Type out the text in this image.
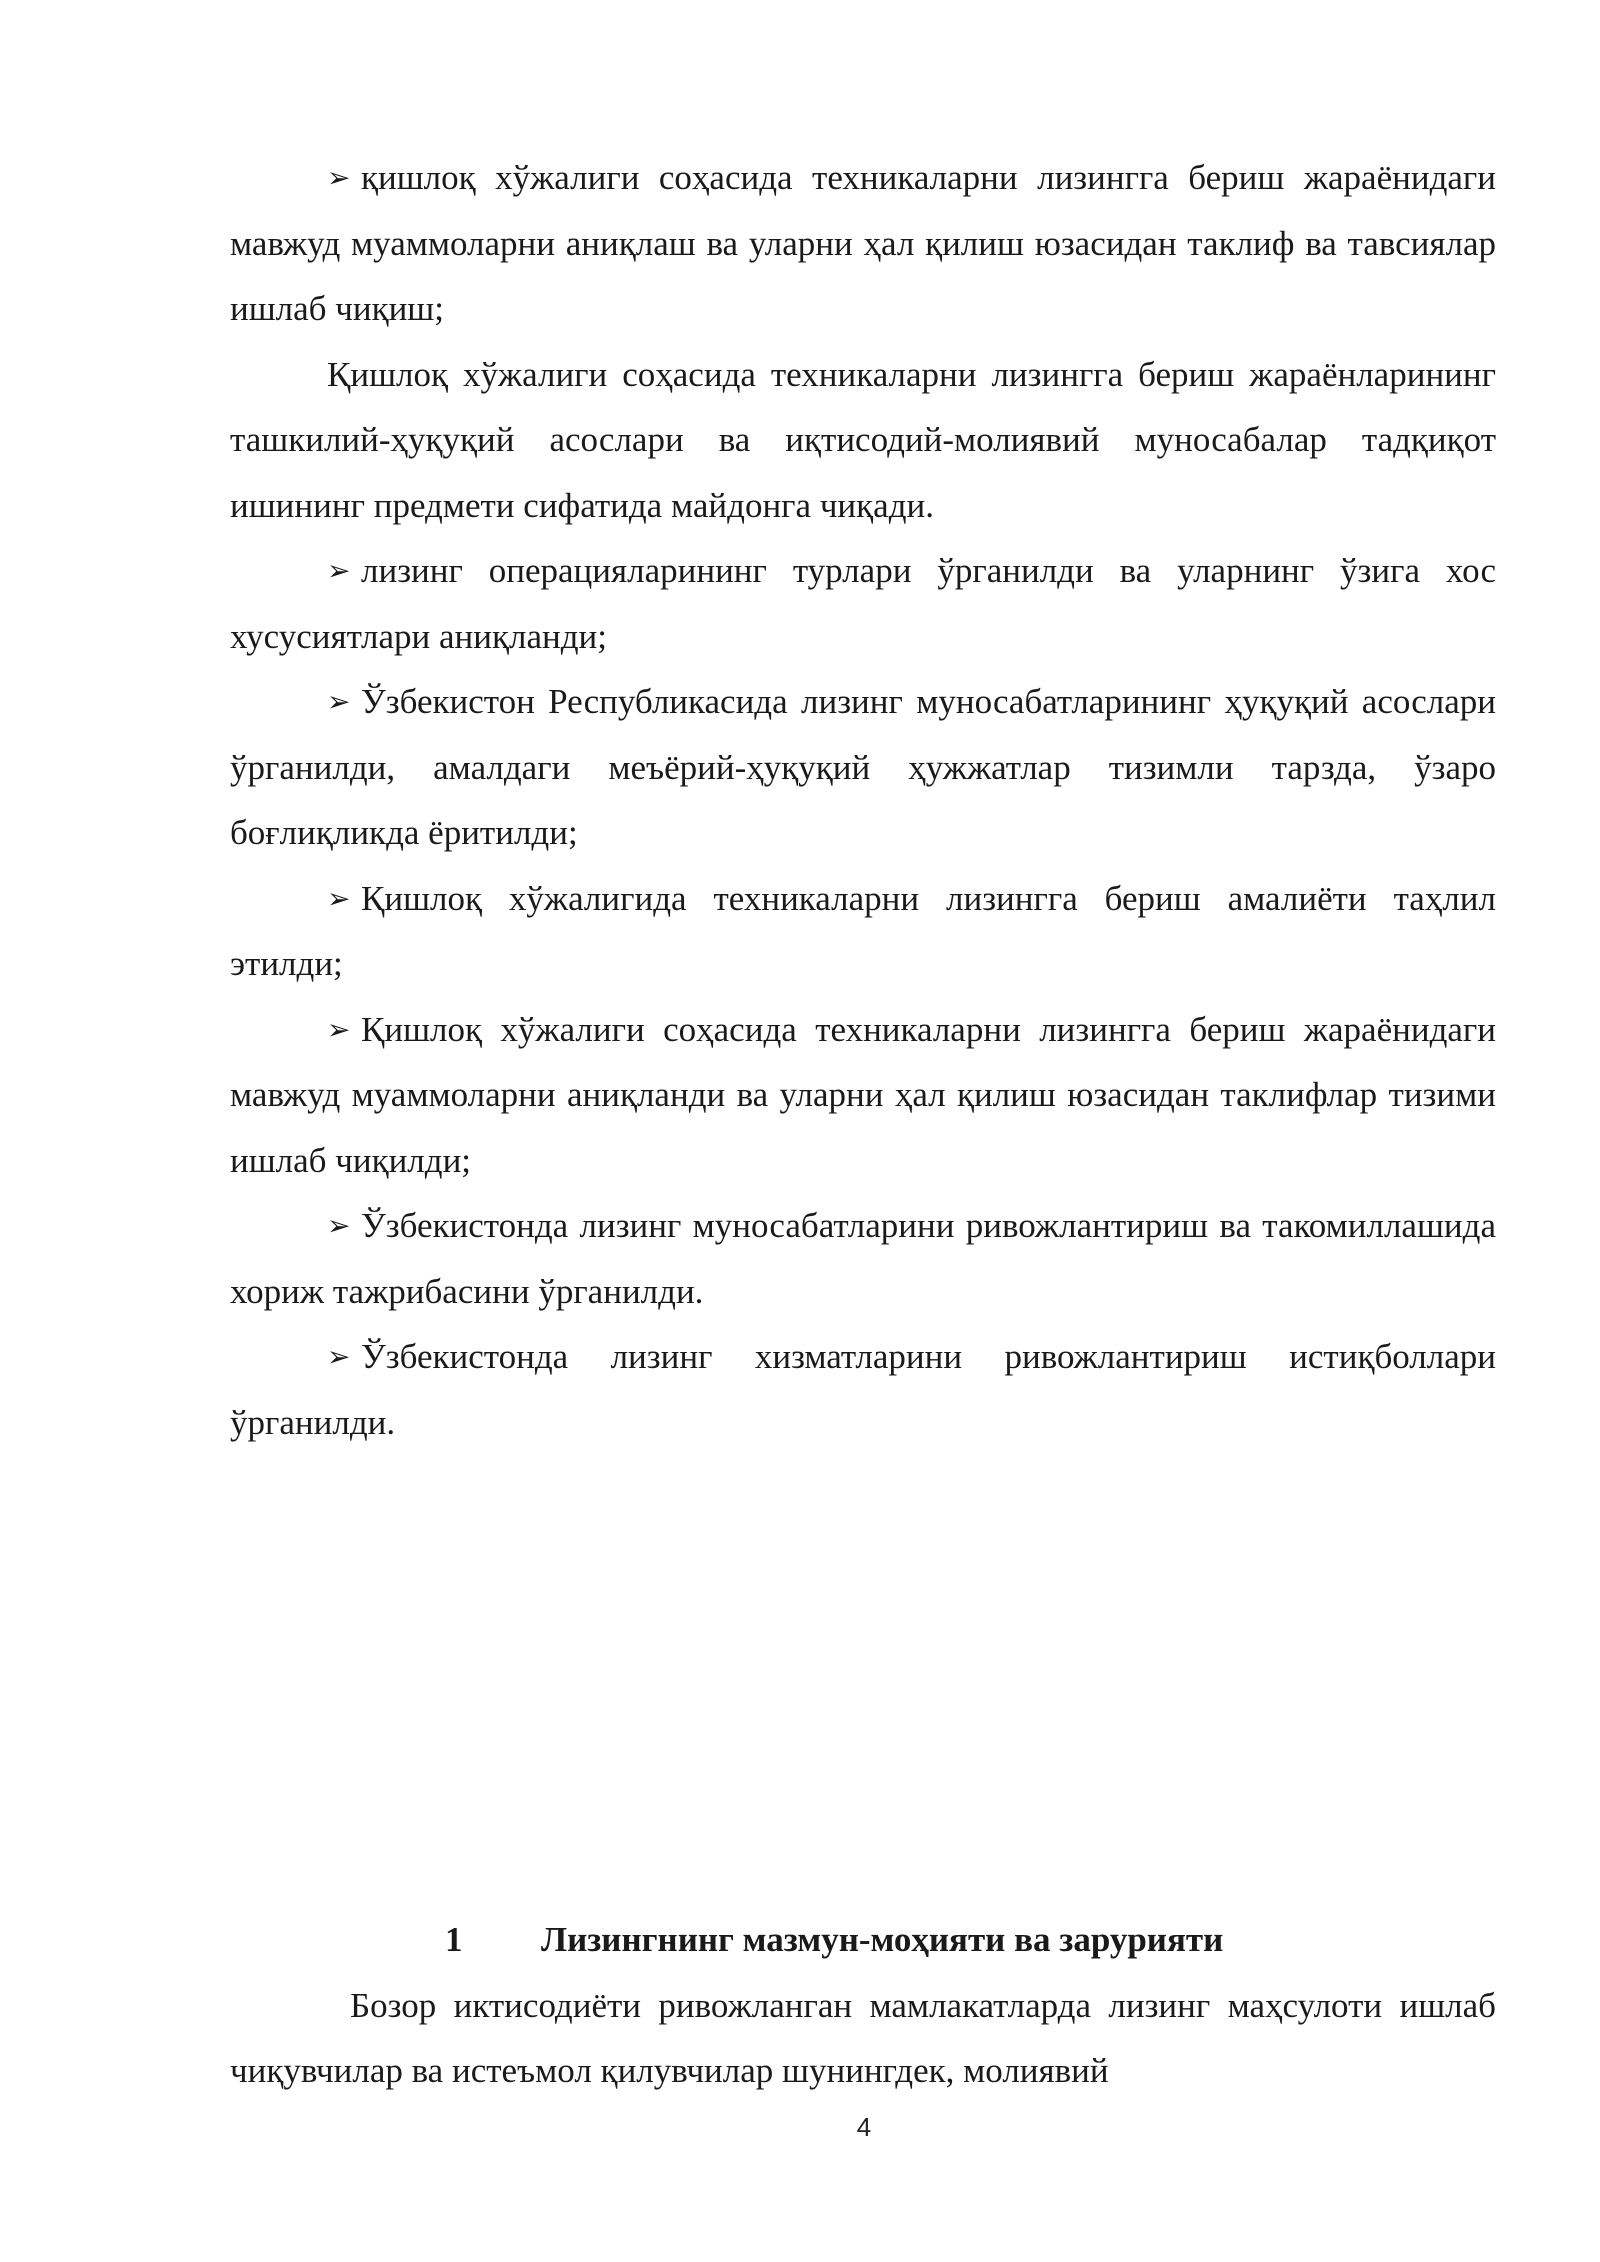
➢ қишлоқ хўжалиги соҳасида техникаларни лизингга бериш жараёнидаги мавжуд муаммоларни аниқлаш ва уларни ҳал қилиш юзасидан таклиф ва тавсиялар ишлаб чиқиш;

Қишлоқ хўжалиги соҳасида техникаларни лизингга бериш жараёнларининг ташкилий-ҳуқуқий асослари ва иқтисодий-молиявий муносабалар тадқиқот ишининг предмети сифатида майдонга чиқади.

➢ лизинг операцияларининг турлари ўрганилди ва уларнинг ўзига хос хусусиятлари аниқланди;

➢ Ўзбекистон Республикасида лизинг муносабатларининг ҳуқуқий асослари ўрганилди, амалдаги меъёрий-ҳуқуқий ҳужжатлар тизимли тарзда, ўзаро боғлиқликда ёритилди;

➢ Қишлоқ хўжалигида техникаларни лизингга бериш амалиёти таҳлил этилди;

➢ Қишлоқ хўжалиги соҳасида техникаларни лизингга бериш жараёнидаги мавжуд муаммоларни аниқланди ва уларни ҳал қилиш юзасидан таклифлар тизими ишлаб чиқилди;

➢ Ўзбекистонда лизинг муносабатларини ривожлантириш ва такомиллашида хориж тажрибасини ўрганилди.

➢ Ўзбекистонда лизинг хизматларини ривожлантириш истиқболлари ўрганилди.

1 Лизингнинг мазмун-моҳияти ва зарурияти

Бозор иктисодиёти ривожланган мамлакатларда лизинг маҳсулоти ишлаб чиқувчилар ва истеъмол қилувчилар шунингдек, молиявий

4
